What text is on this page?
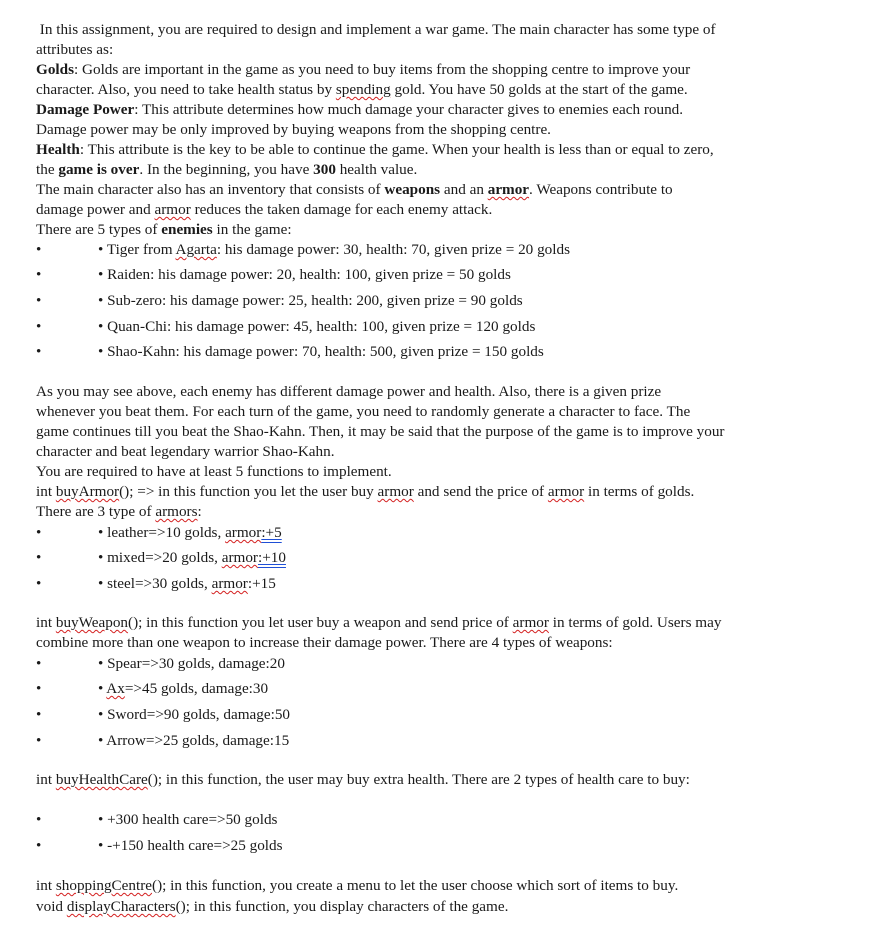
In this assignment, you are required to design and implement a war game. The main character has some type of
attributes as:
Golds: Golds are important in the game as you need to buy items from the shopping centre to improve your
character. Also, you need to take health status by spending gold. You have 50 golds at the start of the game.
Damage Power: This attribute determines how much damage your character gives to enemies each round.
Damage power may be only improved by buying weapons from the shopping centre.
Health: This attribute is the key to be able to continue the game. When your health is less than or equal to zero,
the game is over. In the beginning, you have 300 health value.
The main character also has an inventory that consists of weapons and an armor. Weapons contribute to
damage power and armor reduces the taken damage for each enemy attack.
There are 5 types of enemies in the game:
•	• Tiger from Agarta: his damage power: 30, health: 70, given prize = 20 golds
•	• Raiden: his damage power: 20, health: 100, given prize = 50 golds
•	• Sub-zero: his damage power: 25, health: 200, given prize = 90 golds
•	• Quan-Chi: his damage power: 45, health: 100, given prize = 120 golds
•	• Shao-Kahn: his damage power: 70, health: 500, given prize = 150 golds
As you may see above, each enemy has different damage power and health. Also, there is a given prize
whenever you beat them. For each turn of the game, you need to randomly generate a character to face. The
game continues till you beat the Shao-Kahn. Then, it may be said that the purpose of the game is to improve your
character and beat legendary warrior Shao-Kahn.
You are required to have at least 5 functions to implement.
int buyArmor(); => in this function you let the user buy armor and send the price of armor in terms of golds.
There are 3 type of armors:
•	• leather=>10 golds, armor:+5
•	• mixed=>20 golds, armor:+10
•	• steel=>30 golds, armor:+15
int buyWeapon(); in this function you let user buy a weapon and send price of armor in terms of gold. Users may
combine more than one weapon to increase their damage power. There are 4 types of weapons:
•	• Spear=>30 golds, damage:20
•	• Ax=>45 golds, damage:30
•	• Sword=>90 golds, damage:50
•	• Arrow=>25 golds, damage:15
int buyHealthCare(); in this function, the user may buy extra health. There are 2 types of health care to buy:
•	• +300 health care=>50 golds
•	• -+150 health care=>25 golds
int shoppingCentre(); in this function, you create a menu to let the user choose which sort of items to buy.
void displayCharacters(); in this function, you display characters of the game.
